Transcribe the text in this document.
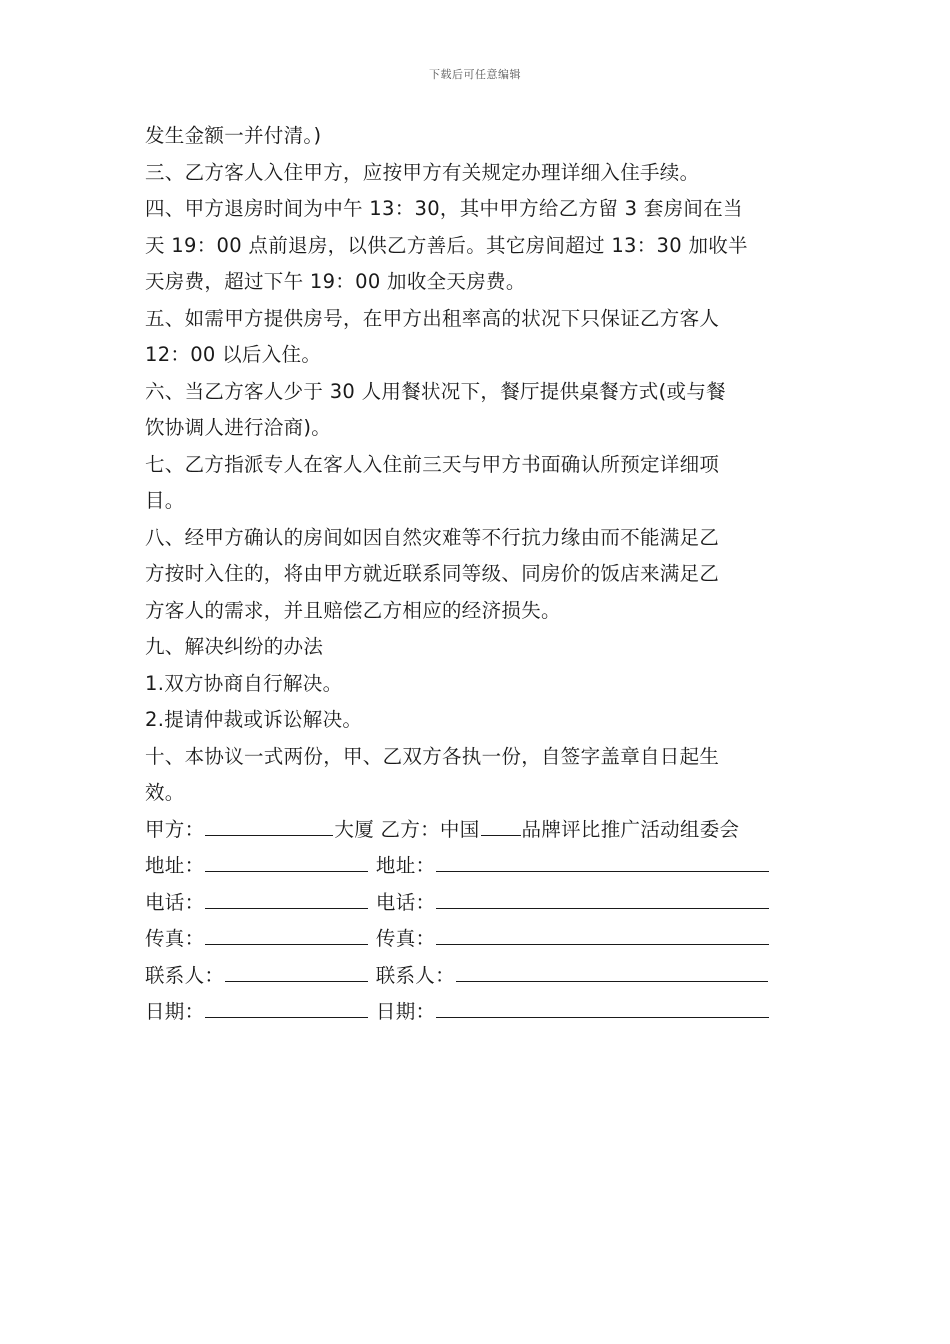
下载后可任意编辑
发生金额一并付清。)
三、乙方客人入住甲方，应按甲方有关规定办理详细入住手续。
四、甲方退房时间为中午 13：30，其中甲方给乙方留 3 套房间在当
天 19：00 点前退房，以供乙方善后。其它房间超过 13：30 加收半
天房费，超过下午 19：00 加收全天房费。
五、如需甲方提供房号，在甲方出租率高的状况下只保证乙方客人
12：00 以后入住。
六、当乙方客人少于 30 人用餐状况下，餐厅提供桌餐方式(或与餐
饮协调人进行洽商)。
七、乙方指派专人在客人入住前三天与甲方书面确认所预定详细项
目。
八、经甲方确认的房间如因自然灾难等不行抗力缘由而不能满足乙
方按时入住的，将由甲方就近联系同等级、同房价的饭店来满足乙
方客人的需求，并且赔偿乙方相应的经济损失。
九、解决纠纷的办法
1.双方协商自行解决。
2.提请仲裁或诉讼解决。
十、本协议一式两份，甲、乙双方各执一份，自签字盖章自日起生
效。
甲方：	大厦 乙方：中国 品牌评比推广活动组委会
地址：	地址：
电话：	电话：
传真：	传真：
联系人：	联系人：
日期：	日期：
